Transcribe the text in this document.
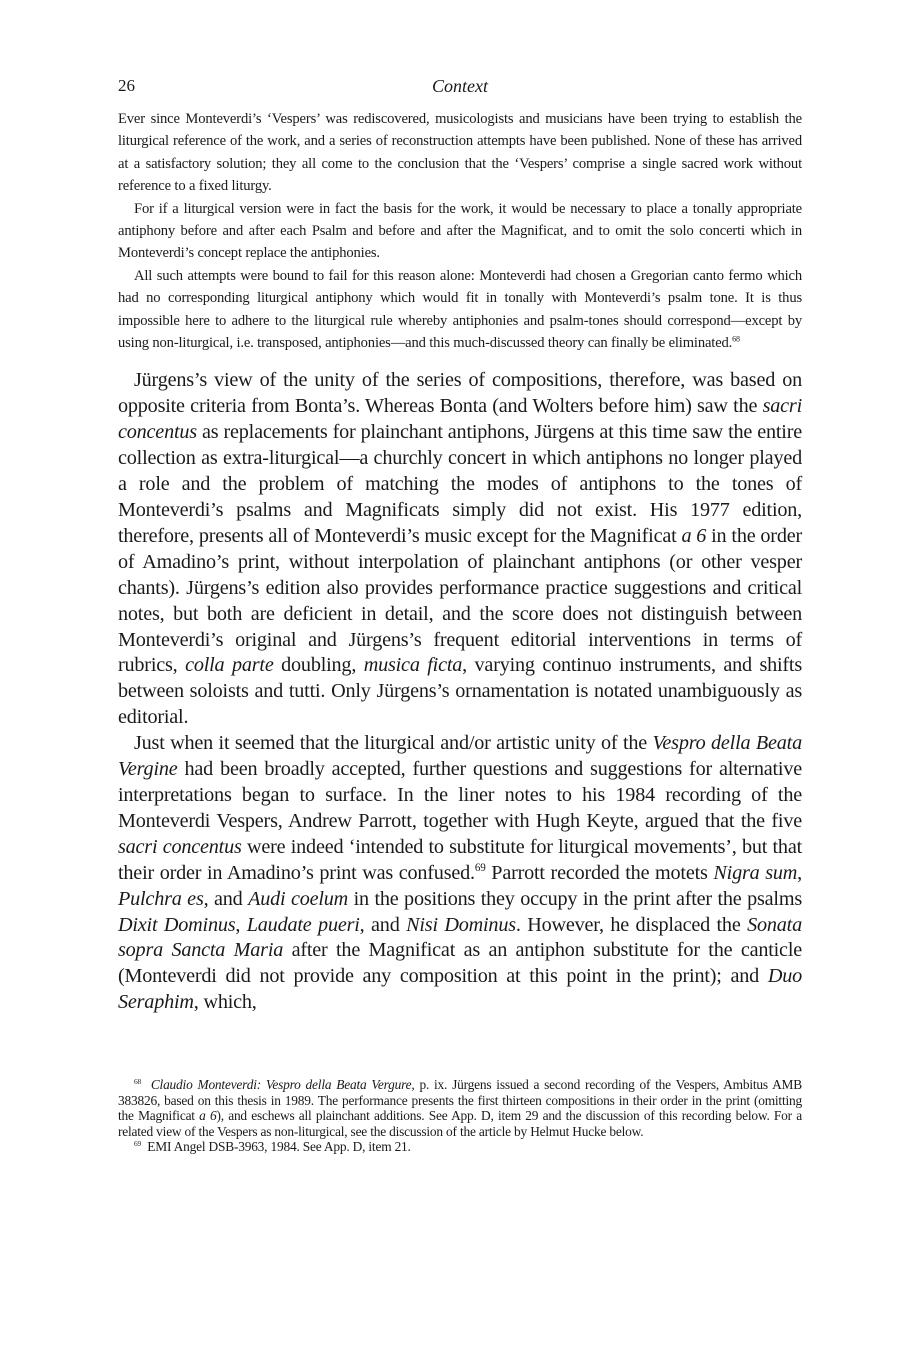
26	Context

Ever since Monteverdi’s ‘Vespers’ was rediscovered, musicologists and musicians have been trying to establish the liturgical reference of the work, and a series of reconstruction attempts have been published. None of these has arrived at a satisfactory solution; they all come to the conclusion that the ‘Vespers’ comprise a single sacred work without reference to a fixed liturgy.

For if a liturgical version were in fact the basis for the work, it would be necessary to place a tonally appropriate antiphony before and after each Psalm and before and after the Magnificat, and to omit the solo concerti which in Monteverdi’s concept replace the antiphonies.

All such attempts were bound to fail for this reason alone: Monteverdi had chosen a Gregorian canto fermo which had no corresponding liturgical antiphony which would fit in tonally with Monteverdi’s psalm tone. It is thus impossible here to adhere to the liturgical rule whereby antiphonies and psalm-tones should correspond—except by using non-liturgical, i.e. transposed, antiphonies—and this much-discussed theory can finally be eliminated.$^{68}$

Jürgens’s view of the unity of the series of compositions, therefore, was based on opposite criteria from Bonta’s. Whereas Bonta (and Wolters before him) saw the sacri concentus as replacements for plainchant antiphons, Jürgens at this time saw the entire collection as extra-liturgical—a churchly concert in which antiphons no longer played a role and the problem of matching the modes of antiphons to the tones of Monteverdi’s psalms and Magnificats simply did not exist. His 1977 edition, therefore, presents all of Monteverdi’s music except for the Magnificat a 6 in the order of Amadino’s print, without interpolation of plainchant antiphons (or other vesper chants). Jürgens’s edition also provides performance practice suggestions and critical notes, but both are deficient in detail, and the score does not distinguish between Monteverdi’s original and Jürgens’s frequent editorial interventions in terms of rubrics, colla parte doubling, musica ficta, varying continuo instruments, and shifts between soloists and tutti. Only Jürgens’s ornamentation is notated unambiguously as editorial.

Just when it seemed that the liturgical and/or artistic unity of the Vespro della Beata Vergine had been broadly accepted, further questions and suggestions for alternative interpretations began to surface. In the liner notes to his 1984 recording of the Monteverdi Vespers, Andrew Parrott, together with Hugh Keyte, argued that the five sacri concentus were indeed ‘intended to substitute for liturgical movements’, but that their order in Amadino’s print was confused.$^{69}$ Parrott recorded the motets Nigra sum, Pulchra es, and Audi coelum in the positions they occupy in the print after the psalms Dixit Dominus, Laudate pueri, and Nisi Dominus. However, he displaced the Sonata sopra Sancta Maria after the Magnificat as an antiphon substitute for the canticle (Monteverdi did not provide any composition at this point in the print); and Duo Seraphim, which,

$^{68}$ Claudio Monteverdi: Vespro della Beata Vergure, p. ix. Jürgens issued a second recording of the Vespers, Ambitus AMB 383826, based on this thesis in 1989. The performance presents the first thirteen compositions in their order in the print (omitting the Magnificat a 6), and eschews all plainchant additions. See App. D, item 29 and the discussion of this recording below. For a related view of the Vespers as non-liturgical, see the discussion of the article by Helmut Hucke below.

$^{69}$ EMI Angel DSB-3963, 1984. See App. D, item 21.
